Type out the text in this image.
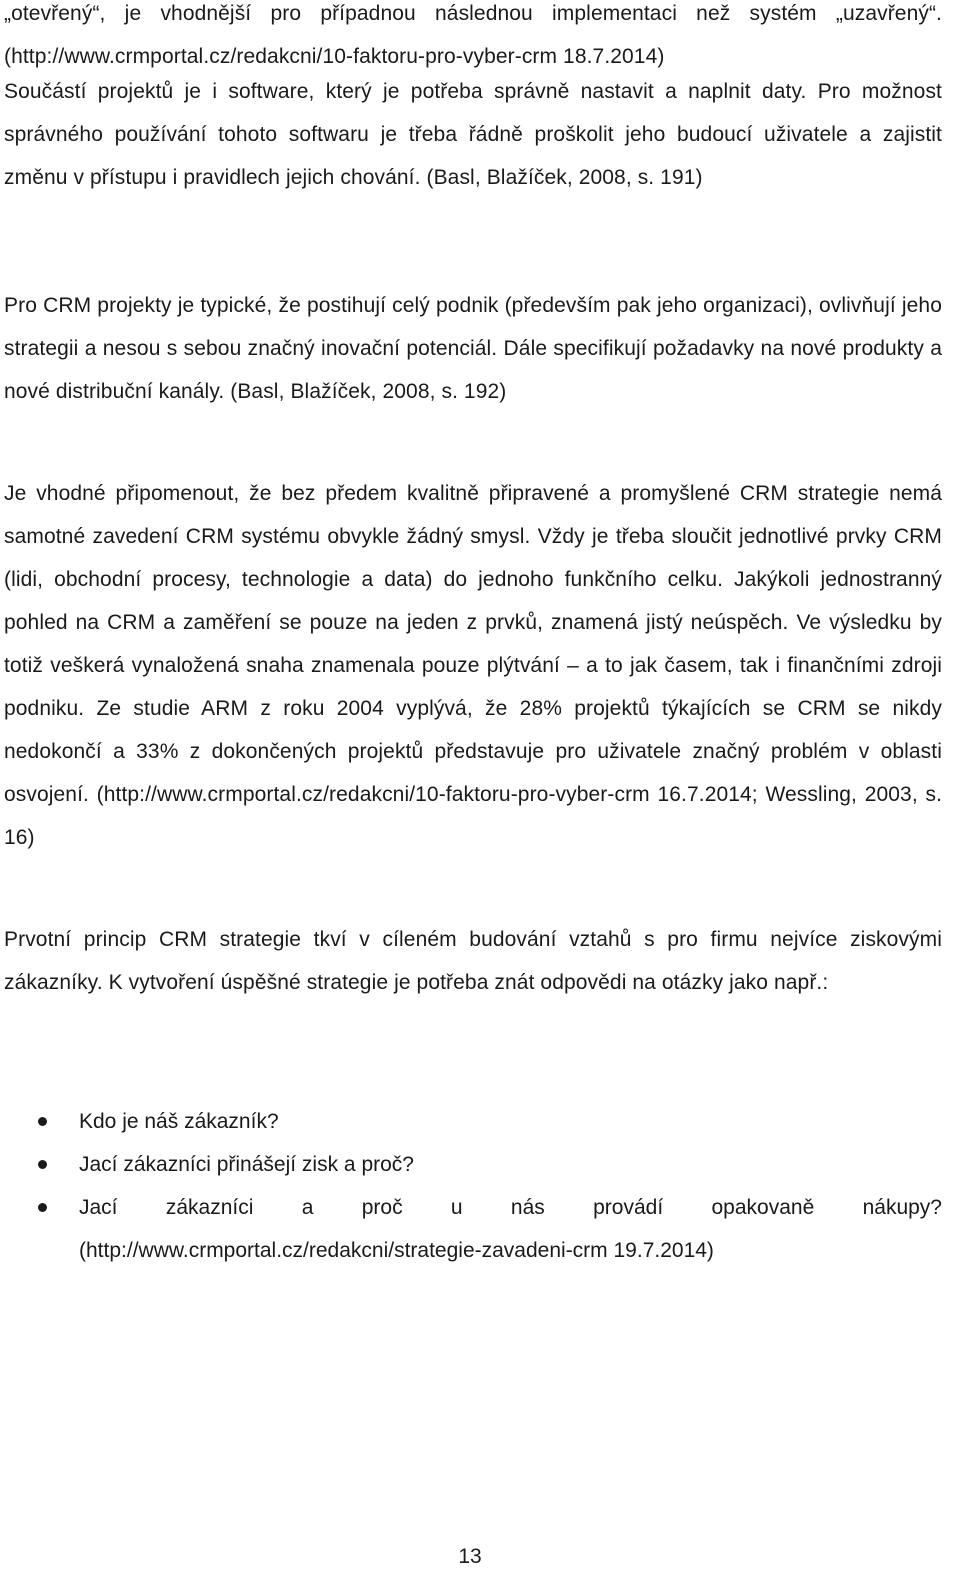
„otevřený“, je vhodnější pro případnou následnou implementaci než systém „uzavřený“. (http://www.crmportal.cz/redakcni/10-faktoru-pro-vyber-crm 18.7.2014)

Součástí projektů je i software, který je potřeba správně nastavit a naplnit daty. Pro možnost správného používání tohoto softwaru je třeba řádně proškolit jeho budoucí uživatele a zajistit změnu v přístupu i pravidlech jejich chování. (Basl, Blažíček, 2008, s. 191)

Pro CRM projekty je typické, že postihují celý podnik (především pak jeho organizaci), ovlivňují jeho strategii a nesou s sebou značný inovační potenciál. Dále specifikují požadavky na nové produkty a nové distribuční kanály. (Basl, Blažíček, 2008, s. 192)

Je vhodné připomenout, že bez předem kvalitně připravené a promyšlené CRM strategie nemá samotné zavedení CRM systému obvykle žádný smysl. Vždy je třeba sloučit jednotlivé prvky CRM (lidi, obchodní procesy, technologie a data) do jednoho funkčního celku. Jakýkoli jednostranný pohled na CRM a zaměření se pouze na jeden z prvků, znamená jistý neúspěch. Ve výsledku by totiž veškerá vynaložená snaha znamenala pouze plýtvání – a to jak časem, tak i finančními zdroji podniku. Ze studie ARM z roku 2004 vyplývá, že 28% projektů týkajících se CRM se nikdy nedokončí a 33% z dokončených projektů představuje pro uživatele značný problém v oblasti osvojení. (http://www.crmportal.cz/redakcni/10-faktoru-pro-vyber-crm 16.7.2014; Wessling, 2003, s. 16)

Prvotní princip CRM strategie tkví v cíleném budování vztahů s pro firmu nejvíce ziskovými zákazníky. K vytvoření úspěšné strategie je potřeba znát odpovědi na otázky jako např.:

Kdo je náš zákazník?
Jací zákazníci přinášejí zisk a proč?
Jací zákazníci a proč u nás provádí opakovaně nákupy? (http://www.crmportal.cz/redakcni/strategie-zavadeni-crm 19.7.2014)
13
